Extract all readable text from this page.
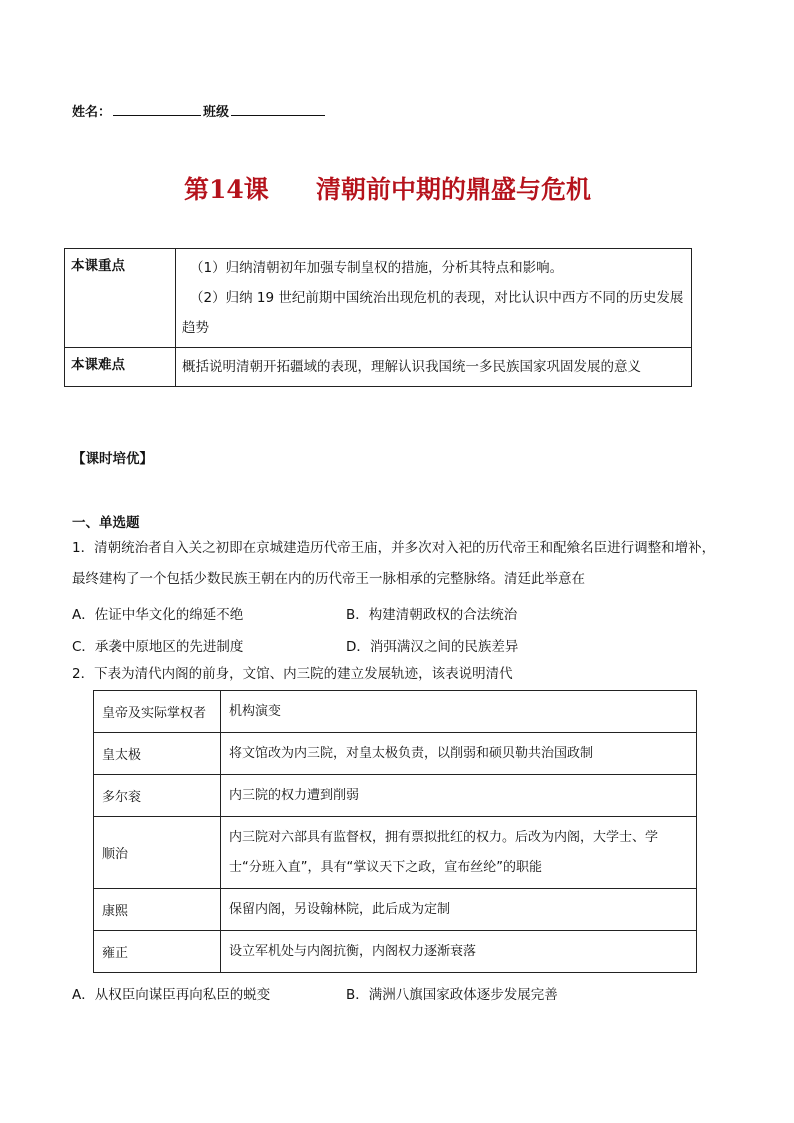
姓名：	班级
第14课 清朝前中期的鼎盛与危机
本课重点	（1）归纳清朝初年加强专制皇权的措施，分析其特点和影响。

（2）归纳 19 世纪前期中国统治出现危机的表现，对比认识中西方不同的历史发展趋势

本课难点	概括说明清朝开拓疆域的表现，理解认识我国统一多民族国家巩固发展的意义

【课时培优】
一、单选题
1．清朝统治者自入关之初即在京城建造历代帝王庙，并多次对入祀的历代帝王和配飨名臣进行调整和增补，
最终建构了一个包括少数民族王朝在内的历代帝王一脉相承的完整脉络。清廷此举意在
A．佐证中华文化的绵延不绝	B．构建清朝政权的合法统治
C．承袭中原地区的先进制度	D．消弭满汉之间的民族差异
2．下表为清代内阁的前身，文馆、内三院的建立发展轨迹，该表说明清代
皇帝及实际掌权者	机构演变
皇太极	将文馆改为内三院，对皇太极负责，以削弱和硕贝勒共治国政制
多尔衮	内三院的权力遭到削弱
顺治	内三院对六部具有监督权，拥有票拟批红的权力。后改为内阁，大学士、学士“分班入直”，具有“掌议天下之政，宣布丝纶”的职能
康熙	保留内阁，另设翰林院，此后成为定制
雍正	设立军机处与内阁抗衡，内阁权力逐渐衰落
A．从权臣向谋臣再向私臣的蜕变	B．满洲八旗国家政体逐步发展完善
